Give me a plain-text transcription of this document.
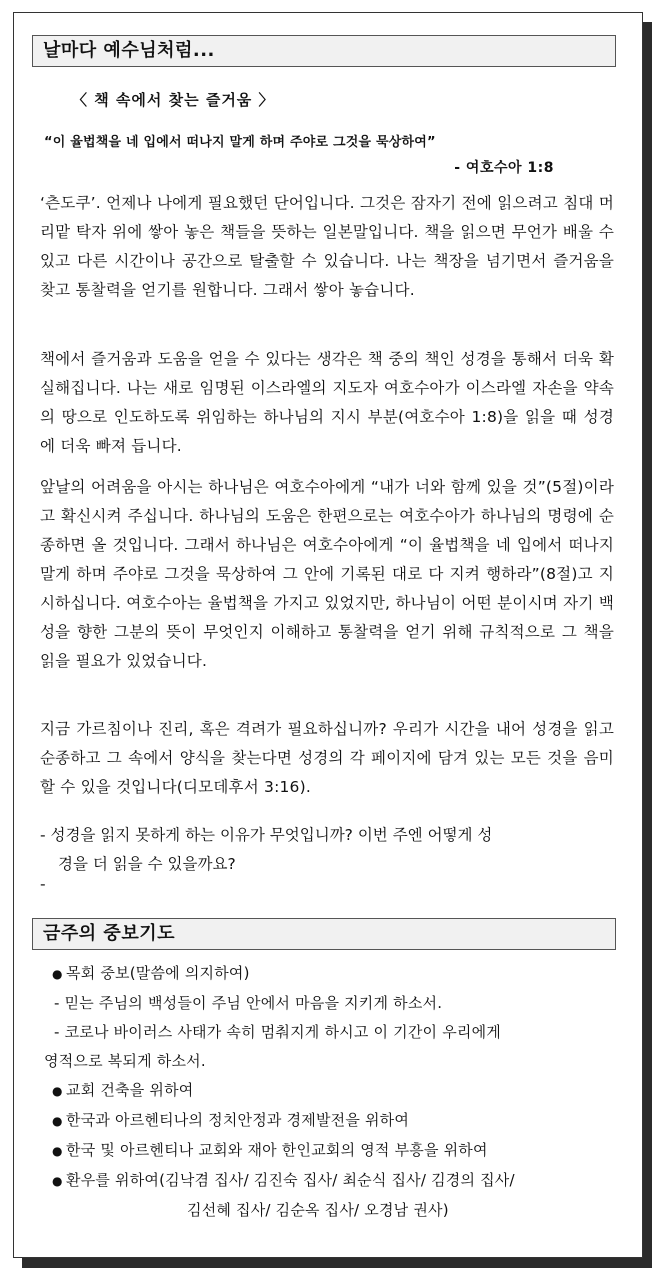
날마다 예수님처럼...
〈 책 속에서 찾는 즐거움 〉
“이 율법책을 네 입에서 떠나지 말게 하며 주야로 그것을 묵상하여”
- 여호수아 1:8

‘츤도쿠’. 언제나 나에게 필요했던 단어입니다. 그것은 잠자기 전에 읽으려고 침대 머리맡 탁자 위에 쌓아 놓은 책들을 뜻하는 일본말입니다. 책을 읽으면 무언가 배울 수 있고 다른 시간이나 공간으로 탈출할 수 있습니다. 나는 책장을 넘기면서 즐거움을 찾고 통찰력을 얻기를 원합니다. 그래서 쌓아 놓습니다.

책에서 즐거움과 도움을 얻을 수 있다는 생각은 책 중의 책인 성경을 통해서 더욱 확실해집니다. 나는 새로 임명된 이스라엘의 지도자 여호수아가 이스라엘 자손을 약속의 땅으로 인도하도록 위임하는 하나님의 지시 부분(여호수아 1:8)을 읽을 때 성경에 더욱 빠져 듭니다.

앞날의 어려움을 아시는 하나님은 여호수아에게 “내가 너와 함께 있을 것”(5절)이라고 확신시켜 주십니다. 하나님의 도움은 한편으로는 여호수아가 하나님의 명령에 순종하면 올 것입니다. 그래서 하나님은 여호수아에게 “이 율법책을 네 입에서 떠나지 말게 하며 주야로 그것을 묵상하여 그 안에 기록된 대로 다 지켜 행하라”(8절)고 지시하십니다. 여호수아는 율법책을 가지고 있었지만, 하나님이 어떤 분이시며 자기 백성을 향한 그분의 뜻이 무엇인지 이해하고 통찰력을 얻기 위해 규칙적으로 그 책을 읽을 필요가 있었습니다.

지금 가르침이나 진리, 혹은 격려가 필요하십니까? 우리가 시간을 내어 성경을 읽고 순종하고 그 속에서 양식을 찾는다면 성경의 각 페이지에 담겨 있는 모든 것을 음미할 수 있을 것입니다(디모데후서 3:16).

- 성경을 읽지 못하게 하는 이유가 무엇입니까? 이번 주엔 어떻게 성
경을 더 읽을 수 있을까요?
-
금주의 중보기도
● 목회 중보(말씀에 의지하여)
- 믿는 주님의 백성들이 주님 안에서 마음을 지키게 하소서.
- 코로나 바이러스 사태가 속히 멈춰지게 하시고 이 기간이 우리에게
영적으로 복되게 하소서.
● 교회 건축을 위하여
● 한국과 아르헨티나의 정치안정과 경제발전을 위하여
● 한국 및 아르헨티나 교회와 재아 한인교회의 영적 부흥을 위하여
● 환우를 위하여(김낙겸 집사/ 김진숙 집사/ 최순식 집사/ 김경의 집사/
김선혜 집사/ 김순옥 집사/ 오경남 권사)
